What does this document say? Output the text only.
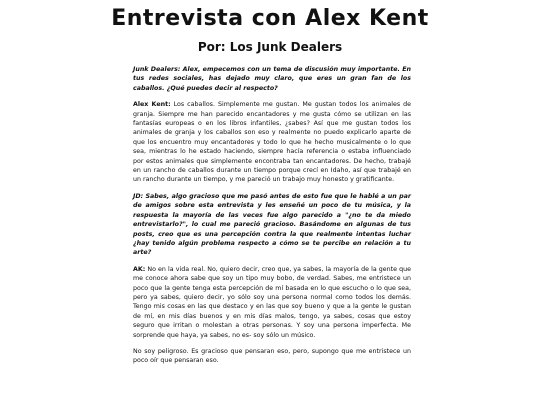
Entrevista con Alex Kent
Por: Los Junk Dealers

Junk Dealers: Alex, empecemos con un tema de discusión muy importante. En tus redes sociales, has dejado muy claro, que eres un gran fan de los caballos. ¿Qué puedes decir al respecto?

Alex Kent: Los caballos. Simplemente me gustan. Me gustan todos los animales de granja. Siempre me han parecido encantadores y me gusta cómo se utilizan en las fantasías europeas o en los libros infantiles, ¿sabes? Así que me gustan todos los animales de granja y los caballos son eso y realmente no puedo explicarlo aparte de que los encuentro muy encantadores y todo lo que he hecho musicalmente o lo que sea, mientras lo he estado haciendo, siempre hacía referencia o estaba influenciado por estos animales que simplemente encontraba tan encantadores. De hecho, trabajé en un rancho de caballos durante un tiempo porque crecí en Idaho, así que trabajé en un rancho durante un tiempo, y me pareció un trabajo muy honesto y gratificante.

JD: Sabes, algo gracioso que me pasó antes de esto fue que le hablé a un par de amigos sobre esta entrevista y les enseñé un poco de tu música, y la respuesta la mayoría de las veces fue algo parecido a "¿no te da miedo entrevistarlo?", lo cual me pareció gracioso. Basándome en algunas de tus posts, creo que es una percepción contra la que realmente intentas luchar ¿hay tenido algún problema respecto a cómo se te percibe en relación a tu arte?

AK: No en la vida real. No, quiero decir, creo que, ya sabes, la mayoría de la gente que me conoce ahora sabe que soy un tipo muy bobo, de verdad. Sabes, me entristece un poco que la gente tenga esta percepción de mí basada en lo que escucho o lo que sea, pero ya sabes, quiero decir, yo sólo soy una persona normal como todos los demás. Tengo mis cosas en las que destaco y en las que soy bueno y que a la gente le gustan de mí, en mis días buenos y en mis días malos, tengo, ya sabes, cosas que estoy seguro que irritan o molestan a otras personas. Y soy una persona imperfecta. Me sorprende que haya, ya sabes, no es- soy sólo un músico.

No soy peligroso. Es gracioso que pensaran eso, pero, supongo que me entristece un poco oír que pensaran eso.
